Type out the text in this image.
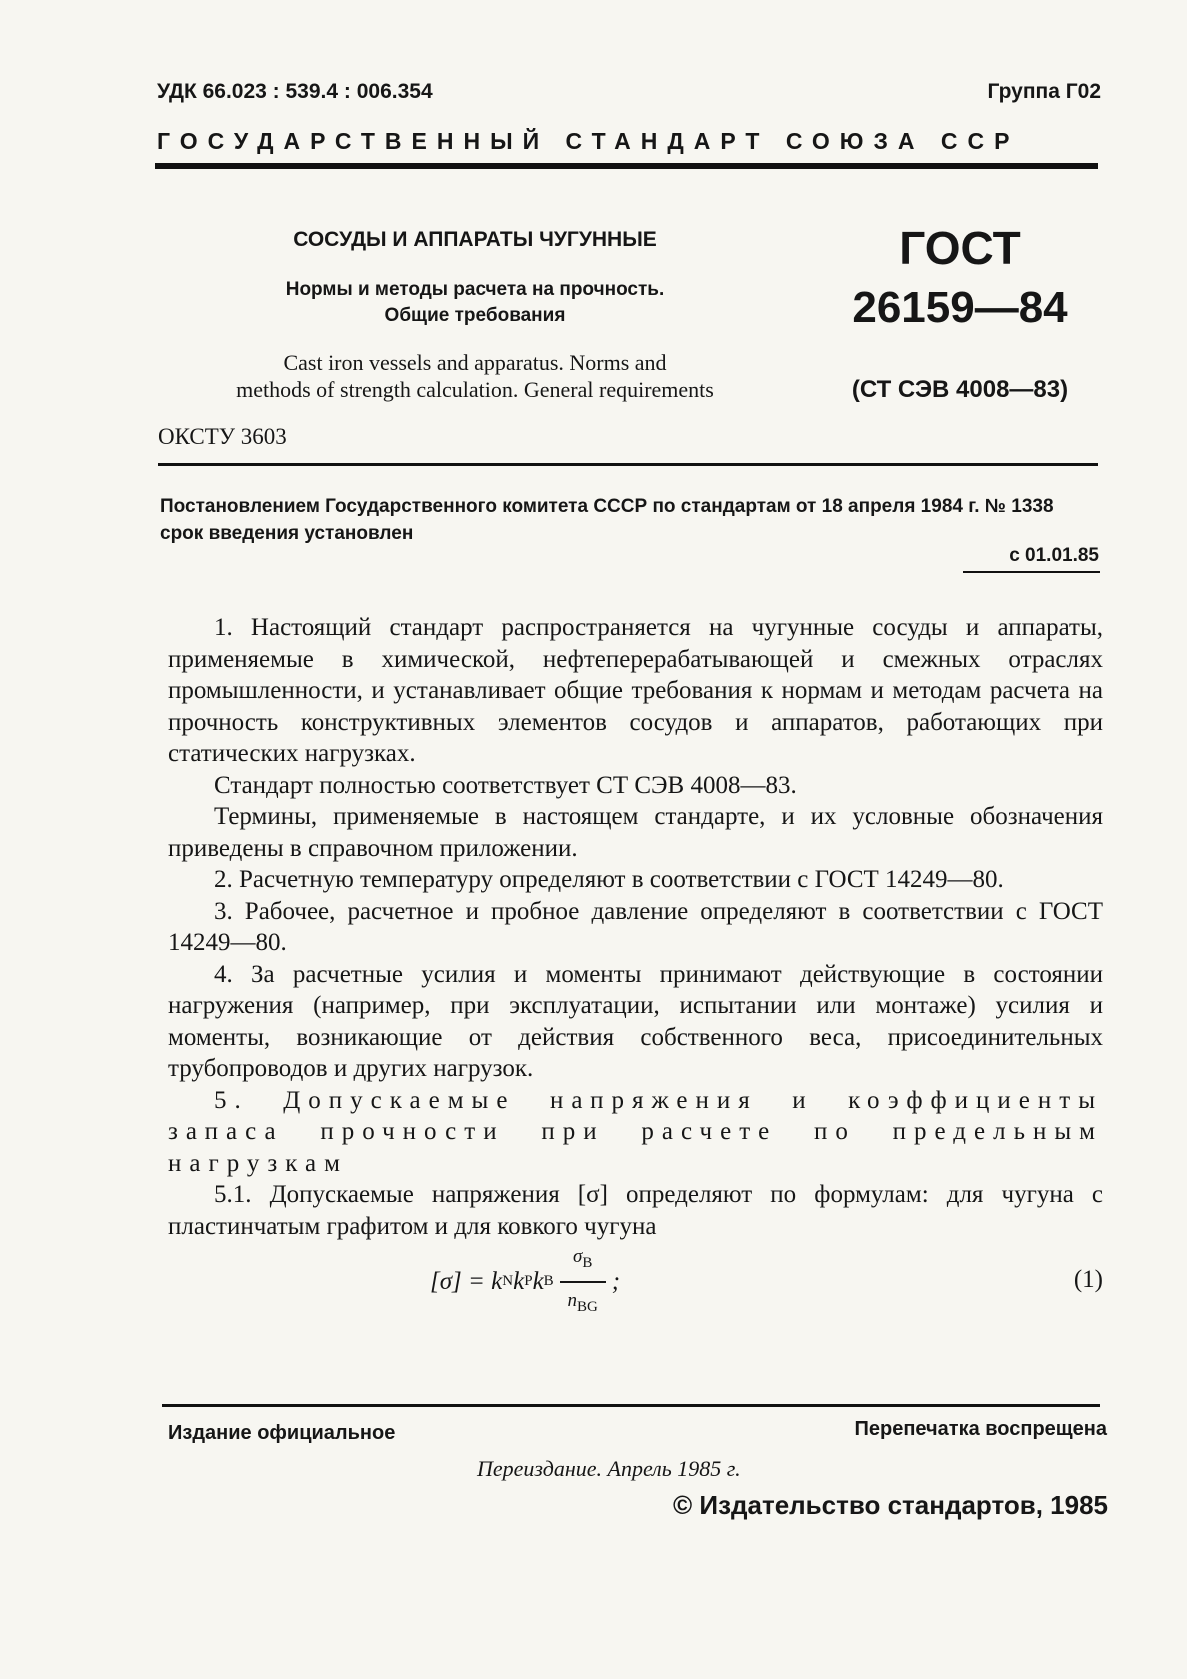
УДК 66.023 : 539.4 : 006.354	Группа Г02
ГОСУДАРСТВЕННЫЙ СТАНДАРТ СОЮЗА ССР
СОСУДЫ И АППАРАТЫ ЧУГУННЫЕ
Нормы и методы расчета на прочность.
Общие требования
Cast iron vessels and apparatus. Norms and
methods of strength calculation. General requirements
ГОСТ
26159—84
(СТ СЭВ 4008—83)
ОКСТУ 3603
Постановлением Государственного комитета СССР по стандартам от 18 апреля 1984 г. № 1338 срок введения установлен
с 01.01.85

1. Настоящий стандарт распространяется на чугунные сосуды и аппараты, применяемые в химической, нефтеперерабатывающей и смежных отраслях промышленности, и устанавливает общие требования к нормам и методам расчета на прочность конструктивных элементов сосудов и аппаратов, работающих при статических нагрузках.

Стандарт полностью соответствует СТ СЭВ 4008—83.

Термины, применяемые в настоящем стандарте, и их условные обозначения приведены в справочном приложении.

2. Расчетную температуру определяют в соответствии с ГОСТ 14249—80.

3. Рабочее, расчетное и пробное давление определяют в соответствии с ГОСТ 14249—80.

4. За расчетные усилия и моменты принимают действующие в состоянии нагружения (например, при эксплуатации, испытании или монтаже) усилия и моменты, возникающие от действия собственного веса, присоединительных трубопроводов и других нагрузок.

5. Допускаемые напряжения и коэффициенты запаса прочности при расчете по предельным нагрузкам

5.1. Допускаемые напряжения [σ] определяют по формулам: для чугуна с пластинчатым графитом и для ковкого чугуна

[σ] = k N k P k B $\frac{\sigma_B}{n_{BG}}$ ;	(1)
Издание официальное	Перепечатка воспрещена
Переиздание. Апрель 1985 г.
© Издательство стандартов, 1985
